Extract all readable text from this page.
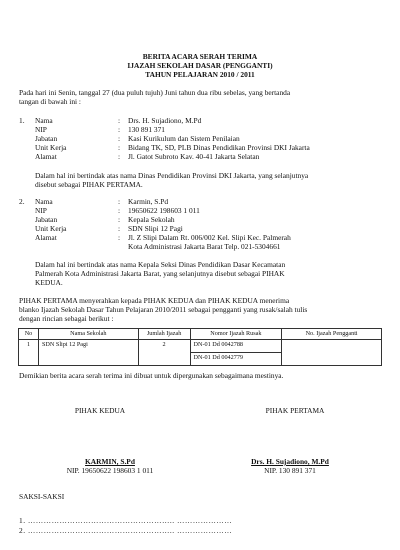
BERITA ACARA SERAH TERIMA
IJAZAH SEKOLAH DASAR (PENGGANTI)
TAHUN PELAJARAN 2010 / 2011
Pada hari ini Senin, tanggal 27 (dua puluh tujuh) Juni tahun dua ribu sebelas, yang bertanda
tangan di bawah ini :
1. Nama	: Drs. H. Sujadiono, M.Pd
NIP	: 130 891 371
Jabatan	: Kasi Kurikulum dan Sistem Penilaian
Unit Kerja	: Bidang TK, SD, PLB Dinas Pendidikan Provinsi DKI Jakarta
Alamat	: Jl. Gatot Subroto Kav. 40-41 Jakarta Selatan
Dalam hal ini bertindak atas nama Dinas Pendidikan Provinsi DKI Jakarta, yang selanjutnya
disebut sebagai PIHAK PERTAMA.
2. Nama	: Karmin, S.Pd
NIP	: 19650622 198603 1 011
Jabatan	: Kepala Sekolah
Unit Kerja	: SDN Slipi 12 Pagi
Alamat	: Jl. Z Slipi Dalam Rt. 006/002 Kel. Slipi Kec. Palmerah
Kota Administrasi Jakarta Barat Telp. 021-5304661
Dalam hal ini bertindak atas nama Kepala Seksi Dinas Pendidikan Dasar Kecamatan
Palmerah Kota Administrasi Jakarta Barat, yang selanjutnya disebut sebagai PIHAK
KEDUA.
PIHAK PERTAMA menyerahkan kepada PIHAK KEDUA dan PIHAK KEDUA menerima
blanko Ijazah Sekolah Dasar Tahun Pelajaran 2010/2011 sebagai pengganti yang rusak/salah tulis
dengan rincian sebagai berikut :
No	Nama Sekolah	Jumlah Ijazah	Nomor Ijazah Rusak	No. Ijazah Pengganti
1	SDN Slipi 12 Pagi	2	DN-01 Dd 0042788	
			DN-01 Dd 0042779	
Demikian berita acara serah terima ini dibuat untuk dipergunakan sebagaimana mestinya.
PIHAK KEDUA	PIHAK PERTAMA
KARMIN, S.Pd
NIP. 19650622 198603 1 011
Drs. H. Sujadiono, M.Pd
NIP. 130 891 371
SAKSI-SAKSI
1. ……………………………………………….. …………………
2. ……………………………………………….. …………………
